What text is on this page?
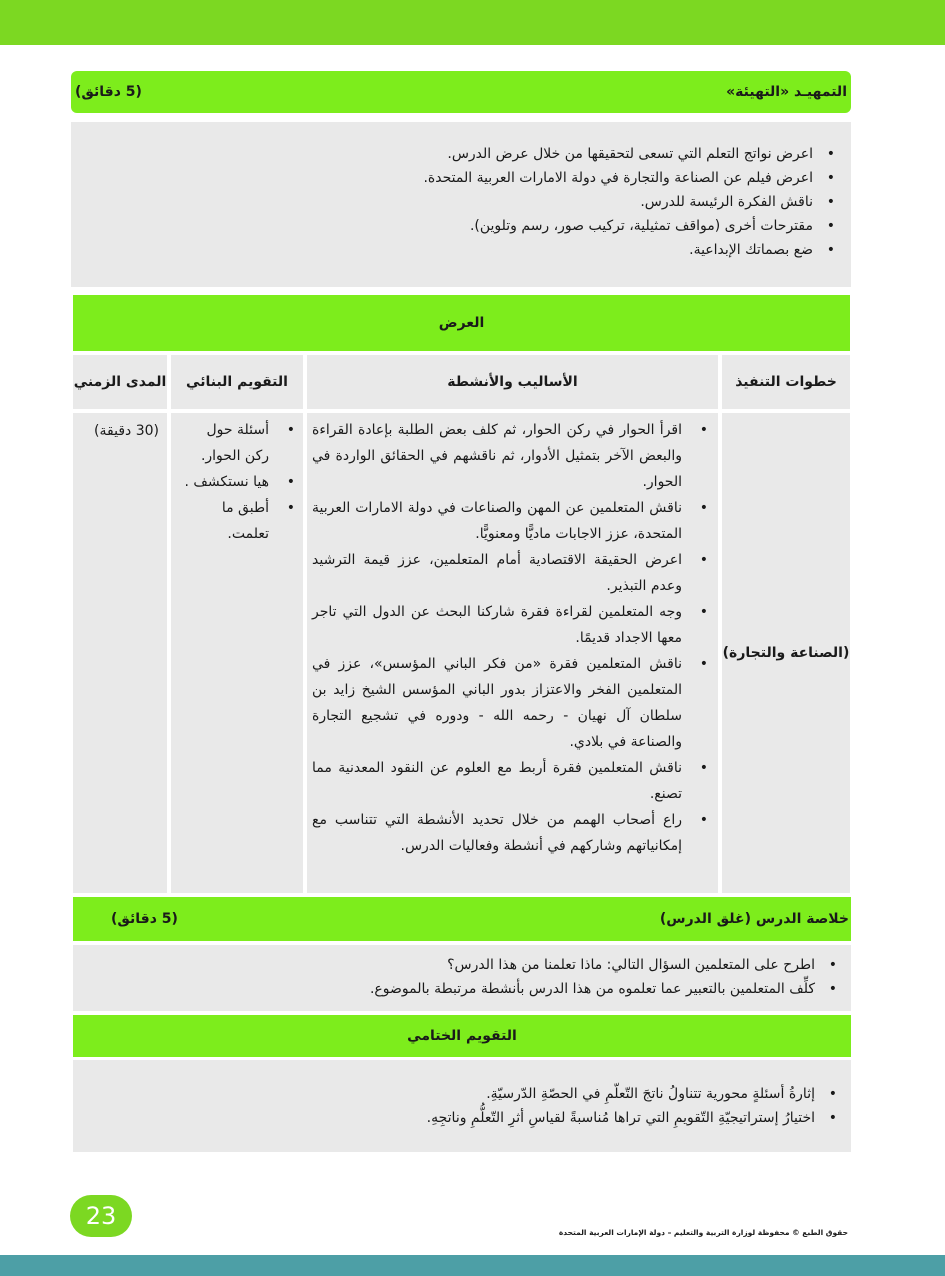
التمهيـد «التهيئة»
(5 دقائق)
• اعرض نواتج التعلم التي تسعى لتحقيقها من خلال عرض الدرس.
• اعرض فيلم عن الصناعة والتجارة في دولة الامارات العربية المتحدة.
• ناقش الفكرة الرئيسة للدرس.
• مقترحات أخرى (مواقف تمثيلية، تركيب صور، رسم وتلوين).
• ضع بصماتك الإبداعية.
العرض
خطوات التنفيذ
الأساليب والأنشطة
التقويم البنائي
المدى الزمني
(الصناعة والتجارة)
• اقرأ الحوار في ركن الحوار، ثم كلف بعض الطلبة بإعادة القراءة والبعض الآخر بتمثيل الأدوار، ثم ناقشهم في الحقائق الواردة في الحوار.
• ناقش المتعلمين عن المهن والصناعات في دولة الامارات العربية المتحدة، عزز الاجابات ماديًّا ومعنويًّا.
• اعرض الحقيقة الاقتصادية أمام المتعلمين، عزز قيمة الترشيد وعدم التبذير.
• وجه المتعلمين لقراءة فقرة شاركنا البحث عن الدول التي تاجر معها الاجداد قديمًا.
• ناقش المتعلمين فقرة «من فكر الباني المؤسس»، عزز في المتعلمين الفخر والاعتزاز بدور الباني المؤسس الشيخ زايد بن سلطان آل نهيان - رحمه الله - ودوره في تشجيع التجارة والصناعة في بلادي.
• ناقش المتعلمين فقرة أربط مع العلوم عن النقود المعدنية مما تصنع.
• راع أصحاب الهمم من خلال تحديد الأنشطة التي تتناسب مع إمكانياتهم وشاركهم في أنشطة وفعاليات الدرس.
• أسئلة حول ركن الحوار.
• هيا نستكشف .
• أطبق ما تعلمت.
(30 دقيقة)
خلاصة الدرس (غلق الدرس)
(5 دقائق)
• اطرح على المتعلمين السؤال التالي: ماذا تعلمنا من هذا الدرس؟
• كلِّف المتعلمين بالتعبير عما تعلموه من هذا الدرس بأنشطة مرتبطة بالموضوع.
التقويم الختامي
• إثارةُ أسئلةٍ محورية تتناولُ ناتجَ التّعلّمِ في الحصّةِ الدّرسيّةِ.
• اختيارُ إستراتيجيّةِ التّقويمِ التي تراها مُناسبةً لقياسِ أثرِ التّعلُّمِ وناتجِهِ.
23
حقوق الطبع © محفوظة لوزارة التربية والتعليم – دولة الإمارات العربية المتحدة
